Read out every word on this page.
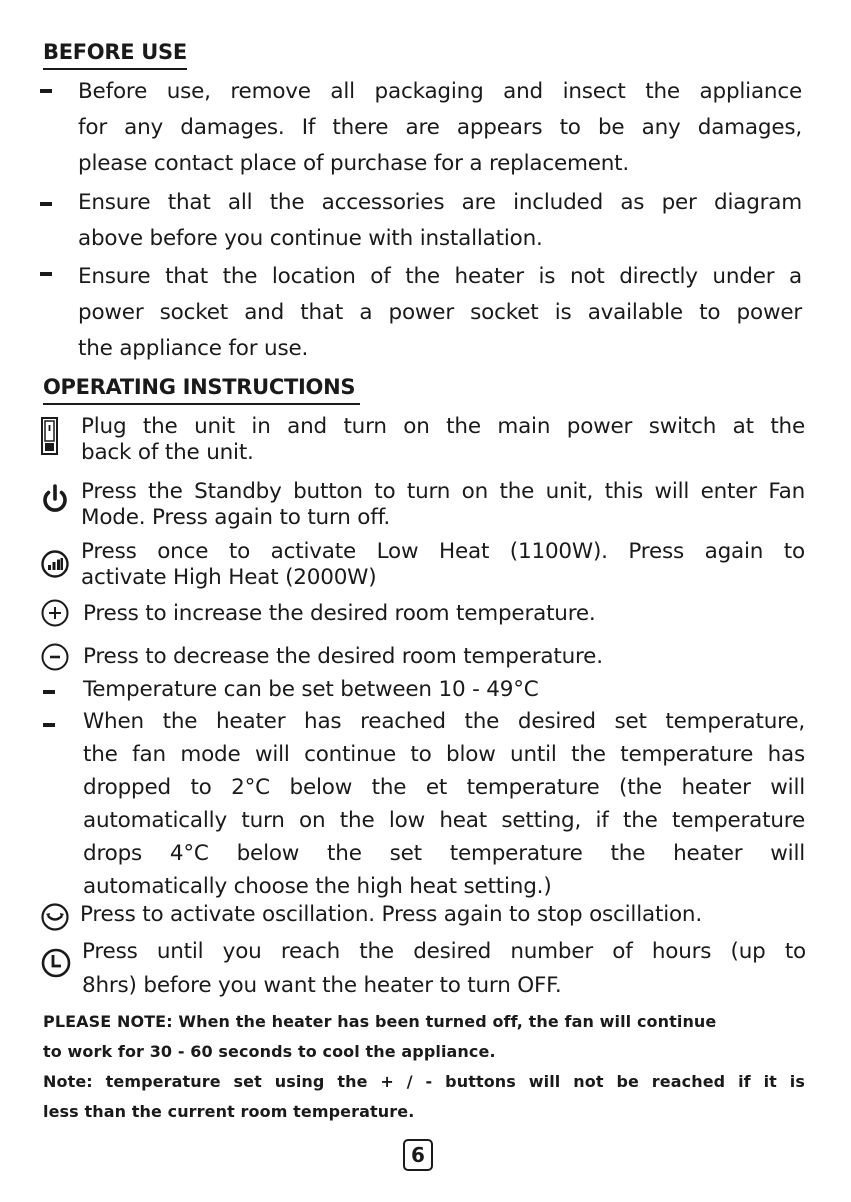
BEFORE USE
Before use, remove all packaging and insect the appliance
for any damages. If there are appears to be any damages,
please contact place of purchase for a replacement.
Ensure that all the accessories are included as per diagram
above before you continue with installation.
Ensure that the location of the heater is not directly under a
power socket and that a power socket is available to power
the appliance for use.
OPERATING INSTRUCTIONS
Plug the unit in and turn on the main power switch at the
back of the unit.
Press the Standby button to turn on the unit, this will enter Fan
Mode. Press again to turn off.
Press once to activate Low Heat (1100W). Press again to
activate High Heat (2000W)
Press to increase the desired room temperature.
Press to decrease the desired room temperature.
Temperature can be set between 10 - 49°C
When the heater has reached the desired set temperature,
the fan mode will continue to blow until the temperature has
dropped to 2°C below the et temperature (the heater will
automatically turn on the low heat setting, if the temperature
drops 4°C below the set temperature the heater will
automatically choose the high heat setting.)
Press to activate oscillation. Press again to stop oscillation.
Press until you reach the desired number of hours (up to
8hrs) before you want the heater to turn OFF.
PLEASE NOTE: When the heater has been turned off, the fan will continue
to work for 30 - 60 seconds to cool the appliance.
Note: temperature set using the + / - buttons will not be reached if it is
less than the current room temperature.
6
